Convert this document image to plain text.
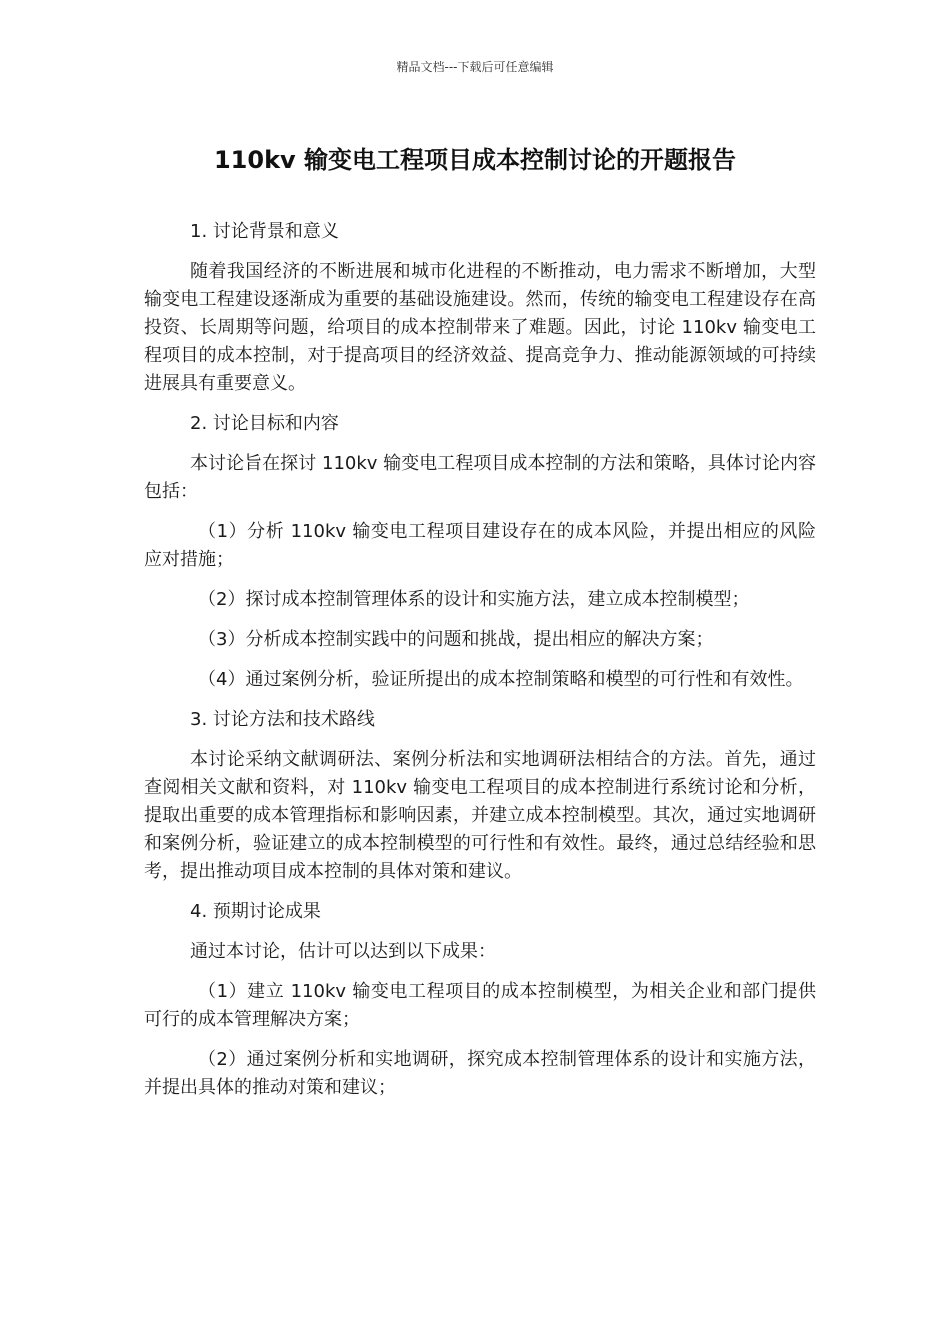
精品文档---下载后可任意编辑
110kv 输变电工程项目成本控制讨论的开题报告

1. 讨论背景和意义

随着我国经济的不断进展和城市化进程的不断推动，电力需求不断增加，大型输变电工程建设逐渐成为重要的基础设施建设。然而，传统的输变电工程建设存在高投资、长周期等问题，给项目的成本控制带来了难题。因此，讨论 110kv 输变电工程项目的成本控制，对于提高项目的经济效益、提高竞争力、推动能源领域的可持续进展具有重要意义。

2. 讨论目标和内容

本讨论旨在探讨 110kv 输变电工程项目成本控制的方法和策略，具体讨论内容包括：

（1）分析 110kv 输变电工程项目建设存在的成本风险，并提出相应的风险应对措施；

（2）探讨成本控制管理体系的设计和实施方法，建立成本控制模型；

（3）分析成本控制实践中的问题和挑战，提出相应的解决方案；

（4）通过案例分析，验证所提出的成本控制策略和模型的可行性和有效性。

3. 讨论方法和技术路线

本讨论采纳文献调研法、案例分析法和实地调研法相结合的方法。首先，通过查阅相关文献和资料，对 110kv 输变电工程项目的成本控制进行系统讨论和分析，提取出重要的成本管理指标和影响因素，并建立成本控制模型。其次，通过实地调研和案例分析，验证建立的成本控制模型的可行性和有效性。最终，通过总结经验和思考，提出推动项目成本控制的具体对策和建议。

4. 预期讨论成果

通过本讨论，估计可以达到以下成果：

（1）建立 110kv 输变电工程项目的成本控制模型，为相关企业和部门提供可行的成本管理解决方案；

（2）通过案例分析和实地调研，探究成本控制管理体系的设计和实施方法，并提出具体的推动对策和建议；
